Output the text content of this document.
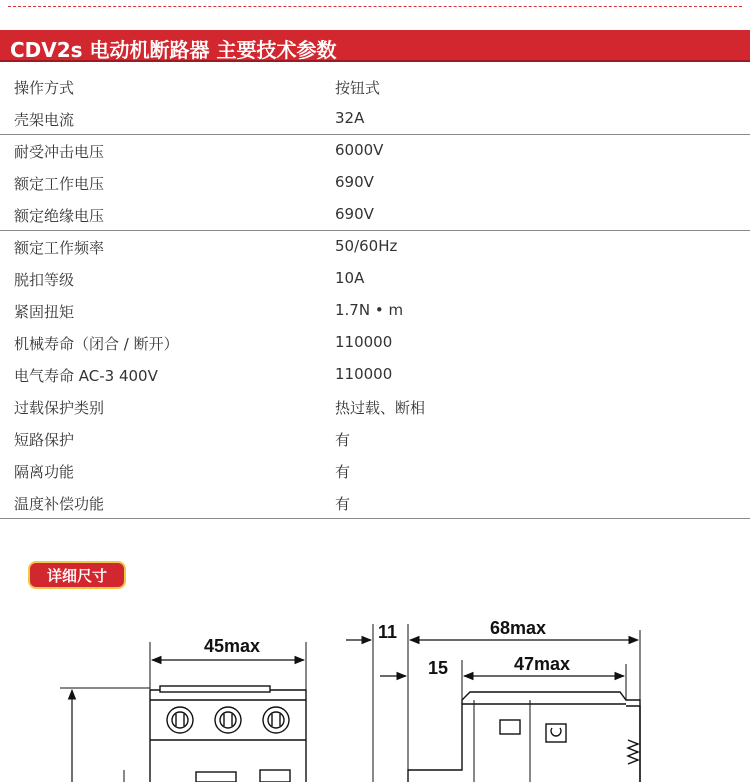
CDV2s 电动机断路器 主要技术参数
操作方式	按钮式
壳架电流	32A
耐受冲击电压	6000V
额定工作电压	690V
额定绝缘电压	690V
额定工作频率	50/60Hz
脱扣等级	10A
紧固扭矩	1.7N • m
机械寿命（闭合 / 断开）	110000
电气寿命 AC-3 400V	110000
过载保护类别	热过载、断相
短路保护	有
隔离功能	有
温度补偿功能	有
详细尺寸
45max
11	68max
15	47max
